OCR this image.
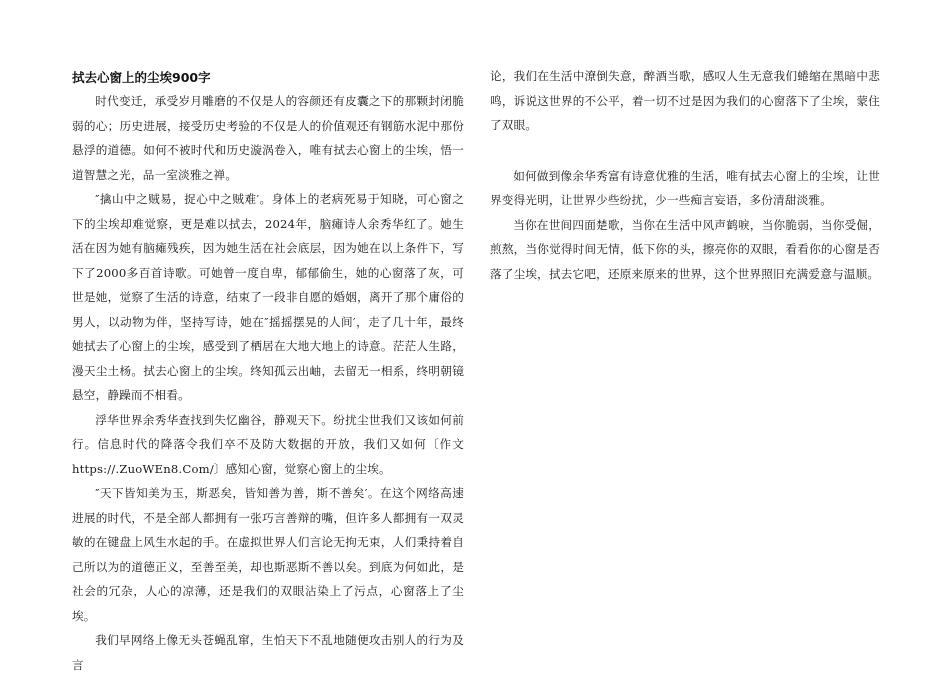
拭去心窗上的尘埃900字

时代变迁，承受岁月雕磨的不仅是人的容颜还有皮囊之下的那颗封闭脆弱的心；历史进展，接受历史考验的不仅是人的价值观还有钢筋水泥中那份悬浮的道德。如何不被时代和历史漩涡卷入，唯有拭去心窗上的尘埃，悟一道智慧之光，品一室淡雅之禅。

″擒山中之贼易，捉心中之贼难′。身体上的老病死易于知晓，可心窗之下的尘埃却难觉察，更是难以拭去，2024年，脑瘫诗人余秀华红了。她生活在因为她有脑瘫残疾，因为她生活在社会底层，因为她在以上条件下，写下了2000多百首诗歌。可她曾一度自卑，郁郁偷生，她的心窗落了灰，可世是她，觉察了生活的诗意，结束了一段非自愿的婚姻，离开了那个庸俗的男人，以动物为伴，坚持写诗，她在″摇摇摆晃的人间′，走了几十年，最终她拭去了心窗上的尘埃，感受到了栖居在大地大地上的诗意。茫茫人生路，漫天尘土杨。拭去心窗上的尘埃。终知孤云出岫，去留无一相系，终明朝镜悬空，静躁而不相看。

浮华世界余秀华查找到失忆幽谷，静观天下。纷扰尘世我们又该如何前行。信息时代的降落令我们卒不及防大数据的开放，我们又如何〔作文https://.ZuoWEn8.Com/〕感知心窗，觉察心窗上的尘埃。

″天下皆知美为玉，斯恶矣，皆知善为善，斯不善矣′。在这个网络高速进展的时代，不是全部人都拥有一张巧言善辩的嘴，但许多人都拥有一双灵敏的在键盘上风生水起的手。在虚拟世界人们言论无拘无束，人们秉持着自己所以为的道德正义，至善至美，却也斯恶斯不善以矣。到底为何如此，是社会的冗杂，人心的凉薄，还是我们的双眼沾染上了污点，心窗落上了尘埃。

我们早网络上像无头苍蝇乱窜，生怕天下不乱地随便攻击别人的行为及言

论，我们在生活中潦倒失意，醉酒当歌，感叹人生无意我们蜷缩在黑暗中悲鸣，诉说这世界的不公平，着一切不过是因为我们的心窗落下了尘埃，蒙住了双眼。

如何做到像余华秀富有诗意优雅的生活，唯有拭去心窗上的尘埃，让世界变得光明，让世界少些纷扰，少一些痴言妄语，多份清甜淡雅。

当你在世间四面楚歌，当你在生活中风声鹤唳，当你脆弱，当你受倔，煎熬，当你觉得时间无情，低下你的头，擦亮你的双眼，看看你的心窗是否落了尘埃，拭去它吧，还原来原来的世界，这个世界照旧充满爱意与温顺。
